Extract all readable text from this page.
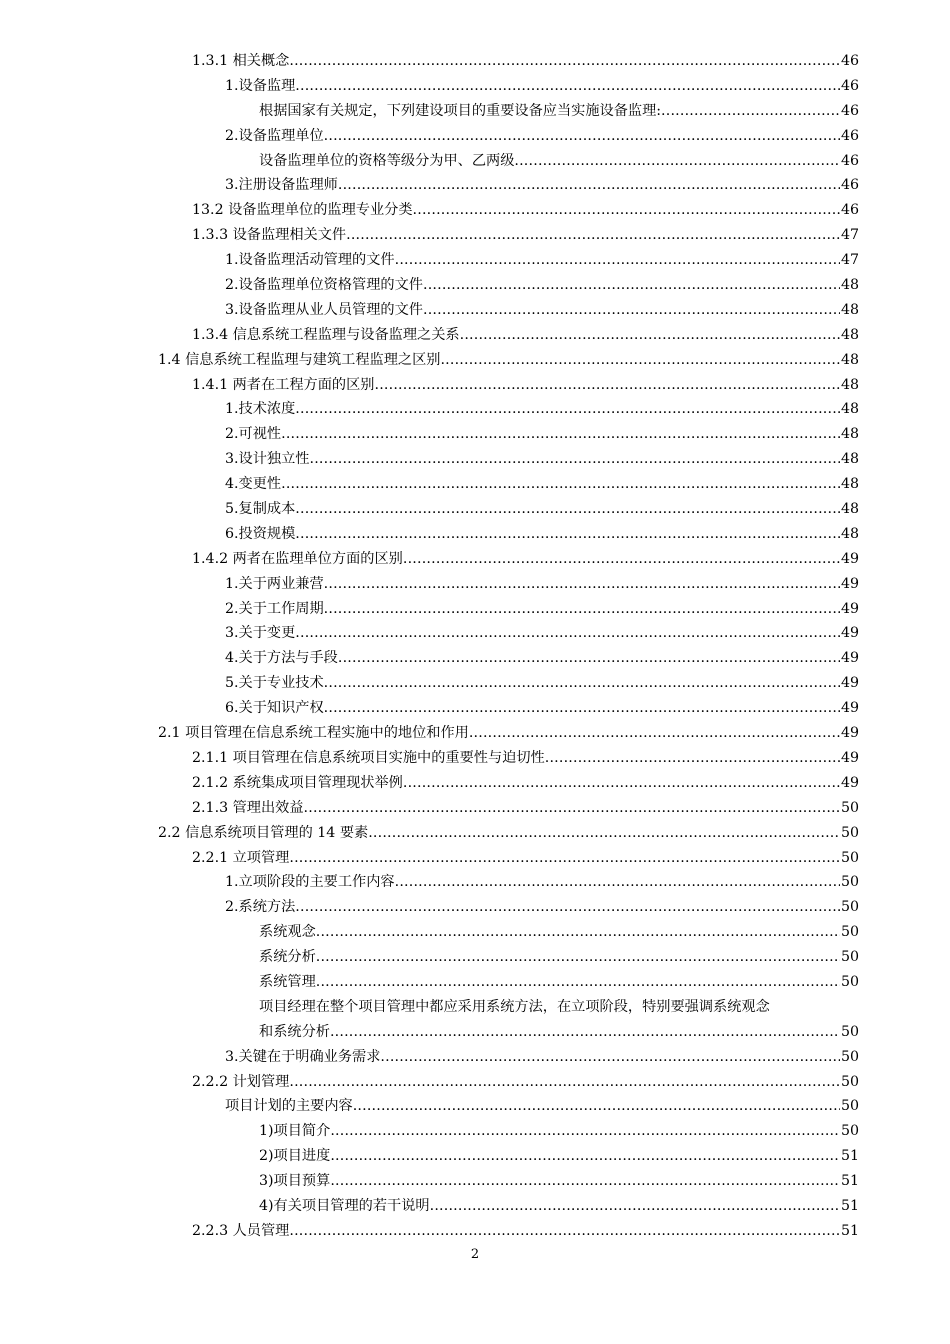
1.3.1 相关概念 .....	46
1.设备监理 .....	46
根据国家有关规定，下列建设项目的重要设备应当实施设备监理: .....	46
2.设备监理单位 .....	46
设备监理单位的资格等级分为甲、乙两级 .....	46
3.注册设备监理师 .....	46
13.2 设备监理单位的监理专业分类 .....	46
1.3.3 设备监理相关文件 .....	47
1.设备监理活动管理的文件 .....	47
2.设备监理单位资格管理的文件 .....	48
3.设备监理从业人员管理的文件 .....	48
1.3.4 信息系统工程监理与设备监理之关系 .....	48
1.4 信息系统工程监理与建筑工程监理之区别 .....	48
1.4.1 两者在工程方面的区别 .....	48
1.技术浓度 .....	48
2.可视性 .....	48
3.设计独立性 .....	48
4.变更性 .....	48
5.复制成本 .....	48
6.投资规模 .....	48
1.4.2 两者在监理单位方面的区别 .....	49
1.关于两业兼营 .....	49
2.关于工作周期 .....	49
3.关于变更 .....	49
4.关于方法与手段 .....	49
5.关于专业技术 .....	49
6.关于知识产权 .....	49
2.1 项目管理在信息系统工程实施中的地位和作用 .....	49
2.1.1 项目管理在信息系统项目实施中的重要性与迫切性 .....	49
2.1.2 系统集成项目管理现状举例 .....	49
2.1.3 管理出效益 .....	50
2.2 信息系统项目管理的 14 要素 .....	50
2.2.1 立项管理 .....	50
1.立项阶段的主要工作内容 .....	50
2.系统方法 .....	50
系统观念 .....	50
系统分析 .....	50
系统管理 .....	50
项目经理在整个项目管理中都应采用系统方法，在立项阶段，特别要强调系统观念
和系统分析 .....	50
3.关键在于明确业务需求 .....	50
2.2.2 计划管理 .....	50
项目计划的主要内容 .....	50
1)项目简介 .....	50
2)项目进度 .....	51
3)项目预算 .....	51
4)有关项目管理的若干说明 .....	51
2.2.3 人员管理 .....	51
2
